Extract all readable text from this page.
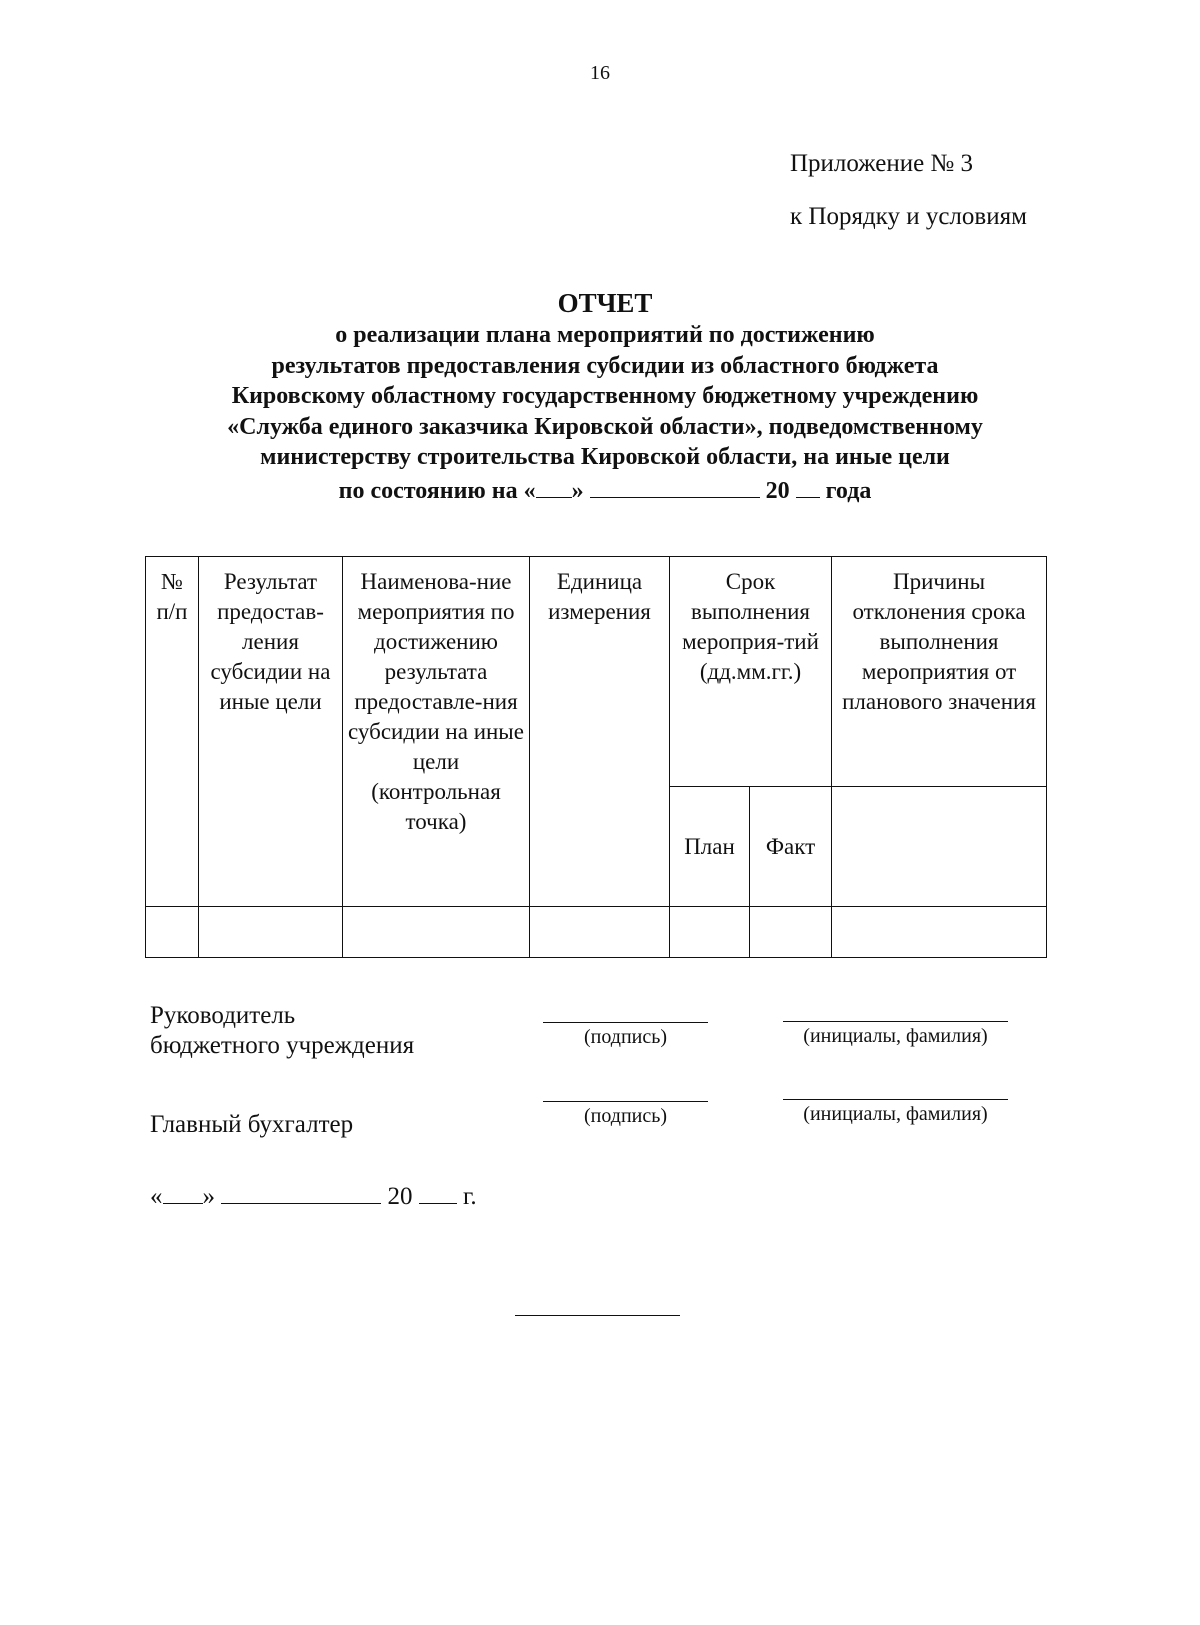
16
Приложение № 3
к Порядку и условиям
ОТЧЕТ
о реализации плана мероприятий по достижению
результатов предоставления субсидии из областного бюджета
Кировскому областному государственному бюджетному учреждению
«Служба единого заказчика Кировской области», подведомственному
министерству строительства Кировской области, на иные цели
по состоянию на « »	20 года
№ п/п	Результат предостав-ления субсидии на иные цели	Наименова-ние мероприятия по достижению результата предоставле-ния субсидии на иные цели (контрольная точка)	Единица измерения	Срок выполнения мероприя-тий (дд.мм.гг.)		Причины отклонения срока выполнения мероприятия от планового значения
				План	Факт	

Руководитель
бюджетного учреждения	(подпись)	(инициалы, фамилия)
Главный бухгалтер	(подпись)	(инициалы, фамилия)
« »	20 г.
